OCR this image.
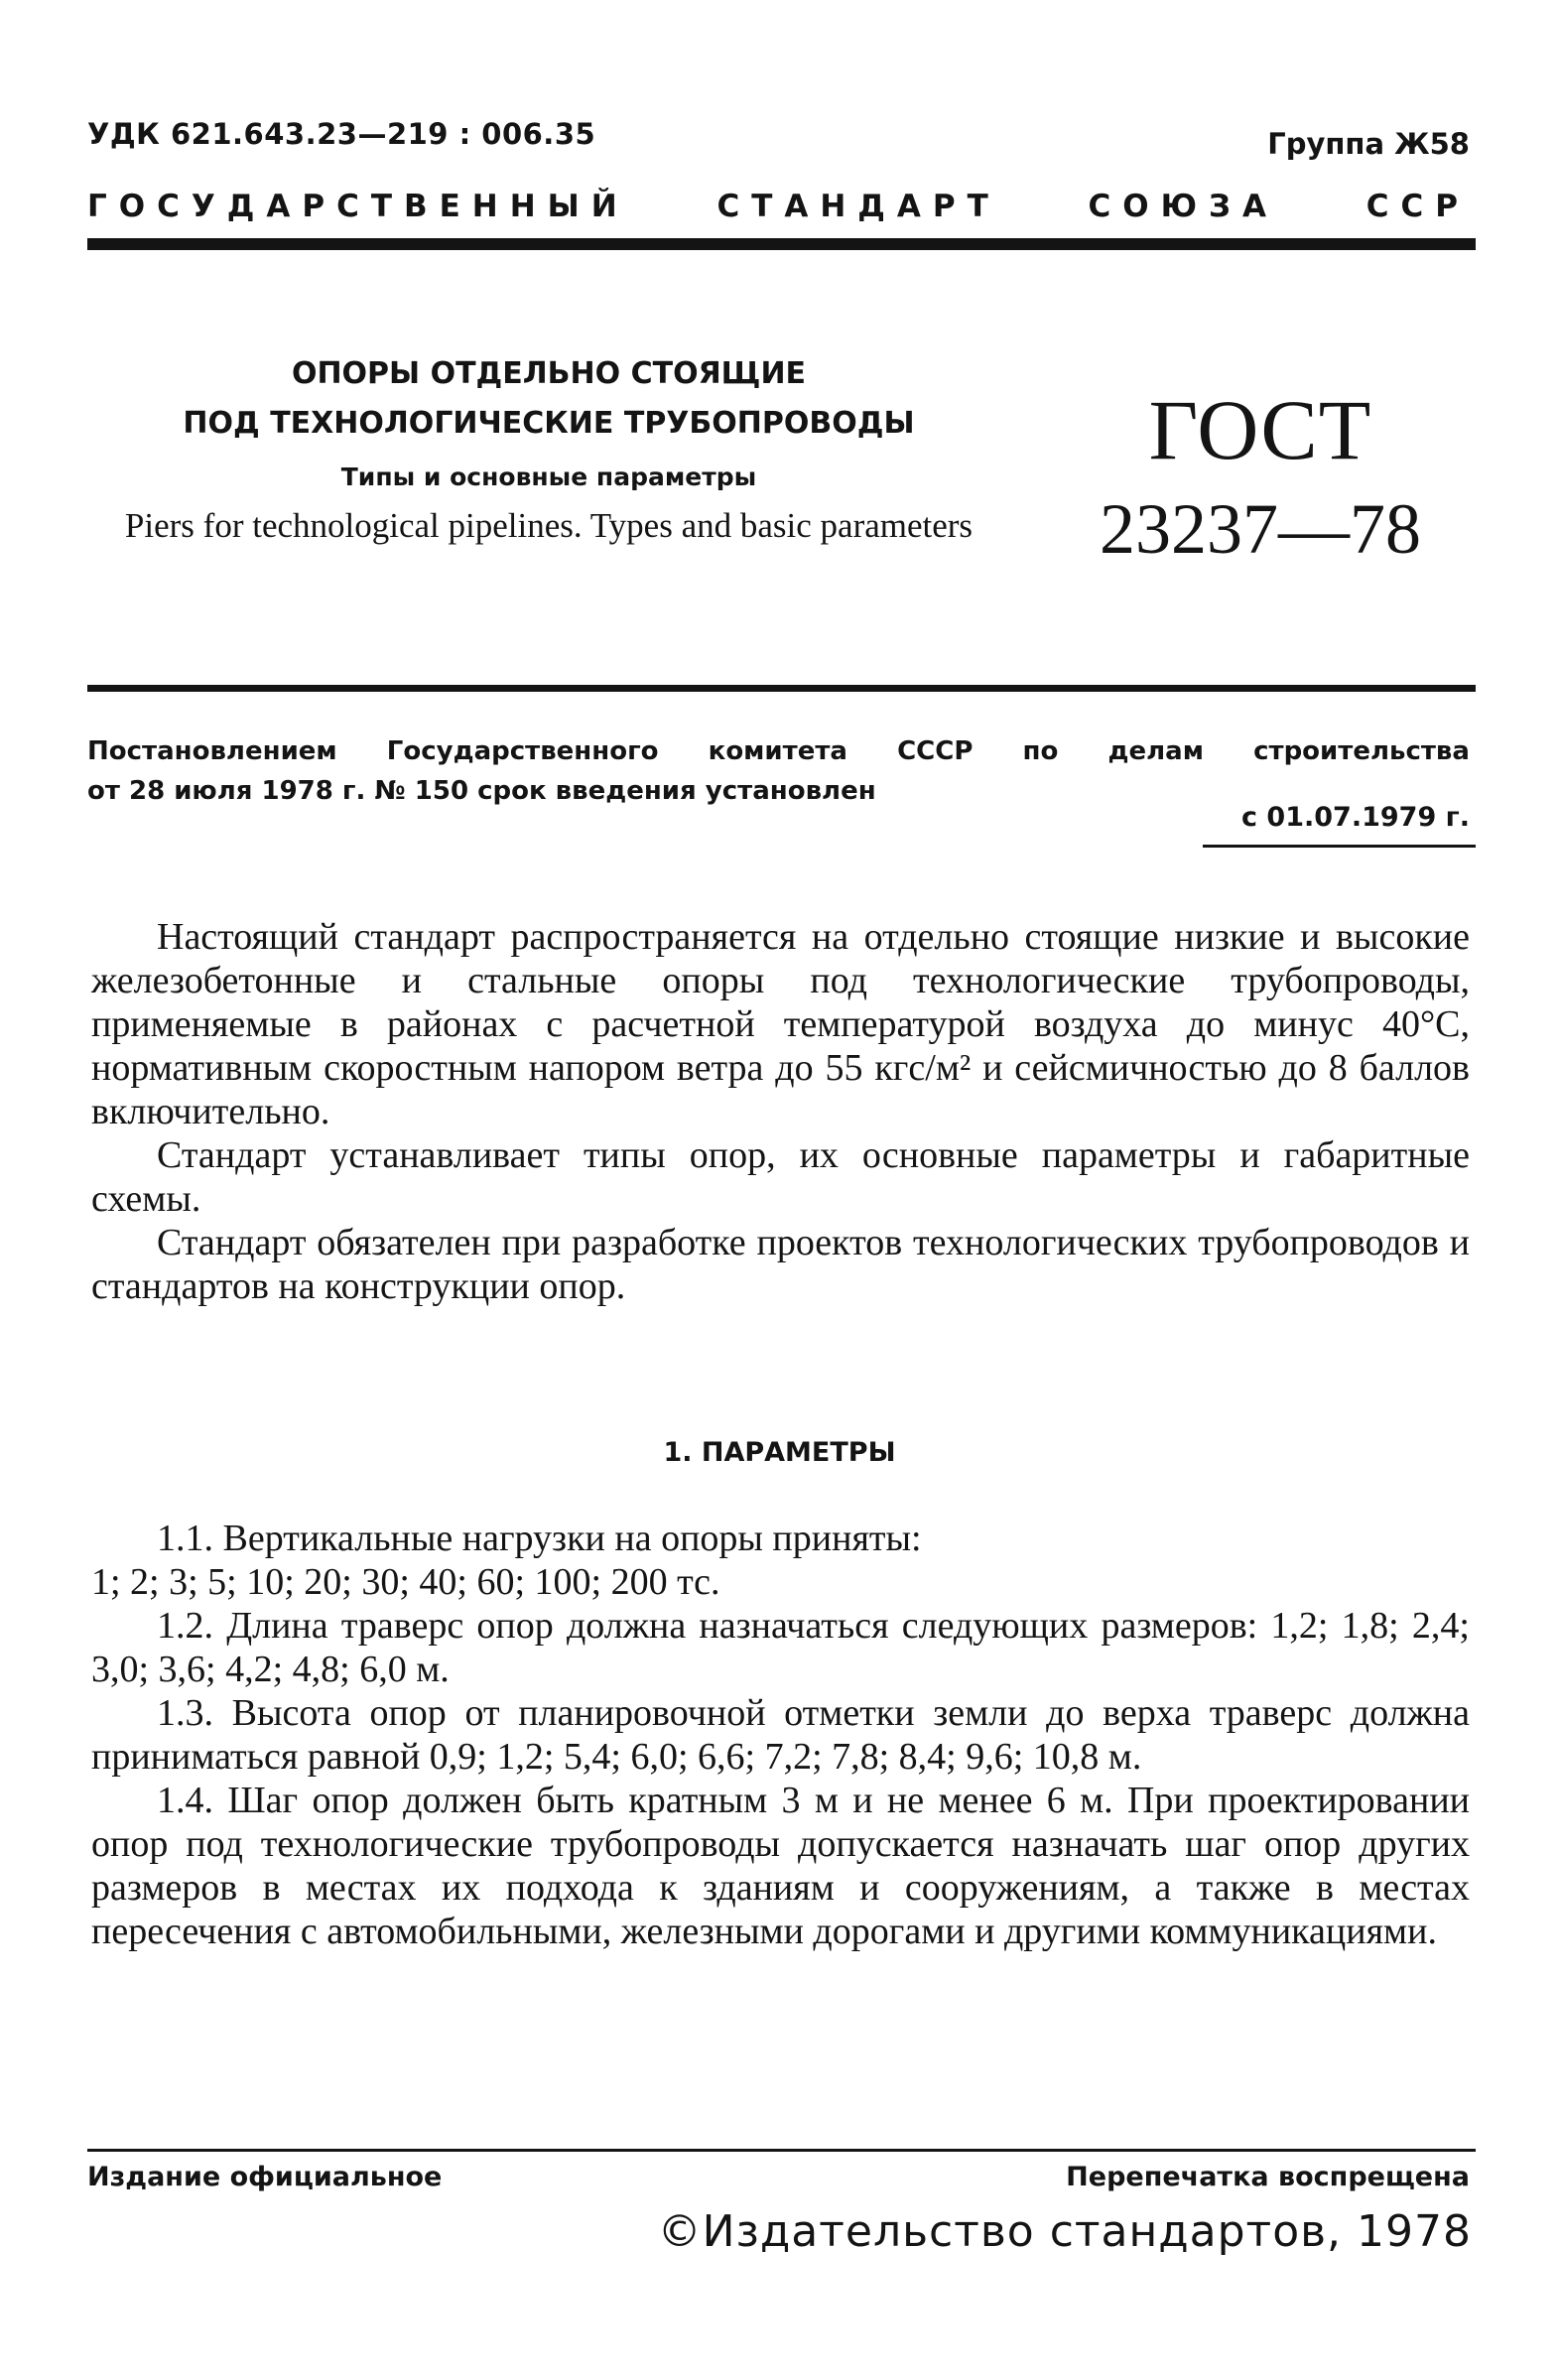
УДК 621.643.23—219 : 006.35	Группа Ж58
ГОСУДАРСТВЕННЫЙ	СТАНДАРТ	СОЮЗА	ССР
ОПОРЫ ОТДЕЛЬНО СТОЯЩИЕ
ПОД ТЕХНОЛОГИЧЕСКИЕ ТРУБОПРОВОДЫ
Типы и основные параметры
Piers for technological pipelines. Types and basic parameters
ГОСТ
23237—78
Постановлением Государственного комитета СССР по делам строительства
от 28 июля 1978 г. № 150 срок введения установлен
с 01.07.1979 г.

Настоящий стандарт распространяется на отдельно стоящие низкие и высокие железобетонные и стальные опоры под технологические трубопроводы, применяемые в районах с расчетной температурой воздуха до минус 40°С, нормативным скоростным напором ветра до 55 кгс/м² и сейсмичностью до 8 баллов включительно.

Стандарт устанавливает типы опор, их основные параметры и габаритные схемы.

Стандарт обязателен при разработке проектов технологических трубопроводов и стандартов на конструкции опор.

1. ПАРАМЕТРЫ

1.1. Вертикальные нагрузки на опоры приняты:

1; 2; 3; 5; 10; 20; 30; 40; 60; 100; 200 тс.

1.2. Длина траверс опор должна назначаться следующих размеров: 1,2; 1,8; 2,4; 3,0; 3,6; 4,2; 4,8; 6,0 м.

1.3. Высота опор от планировочной отметки земли до верха траверс должна приниматься равной 0,9; 1,2; 5,4; 6,0; 6,6; 7,2; 7,8; 8,4; 9,6; 10,8 м.

1.4. Шаг опор должен быть кратным 3 м и не менее 6 м. При проектировании опор под технологические трубопроводы допускается назначать шаг опор других размеров в местах их подхода к зданиям и сооружениям, а также в местах пересечения с автомобильными, железными дорогами и другими коммуникациями.

Издание официальное	Перепечатка воспрещена
©Издательство стандартов, 1978
